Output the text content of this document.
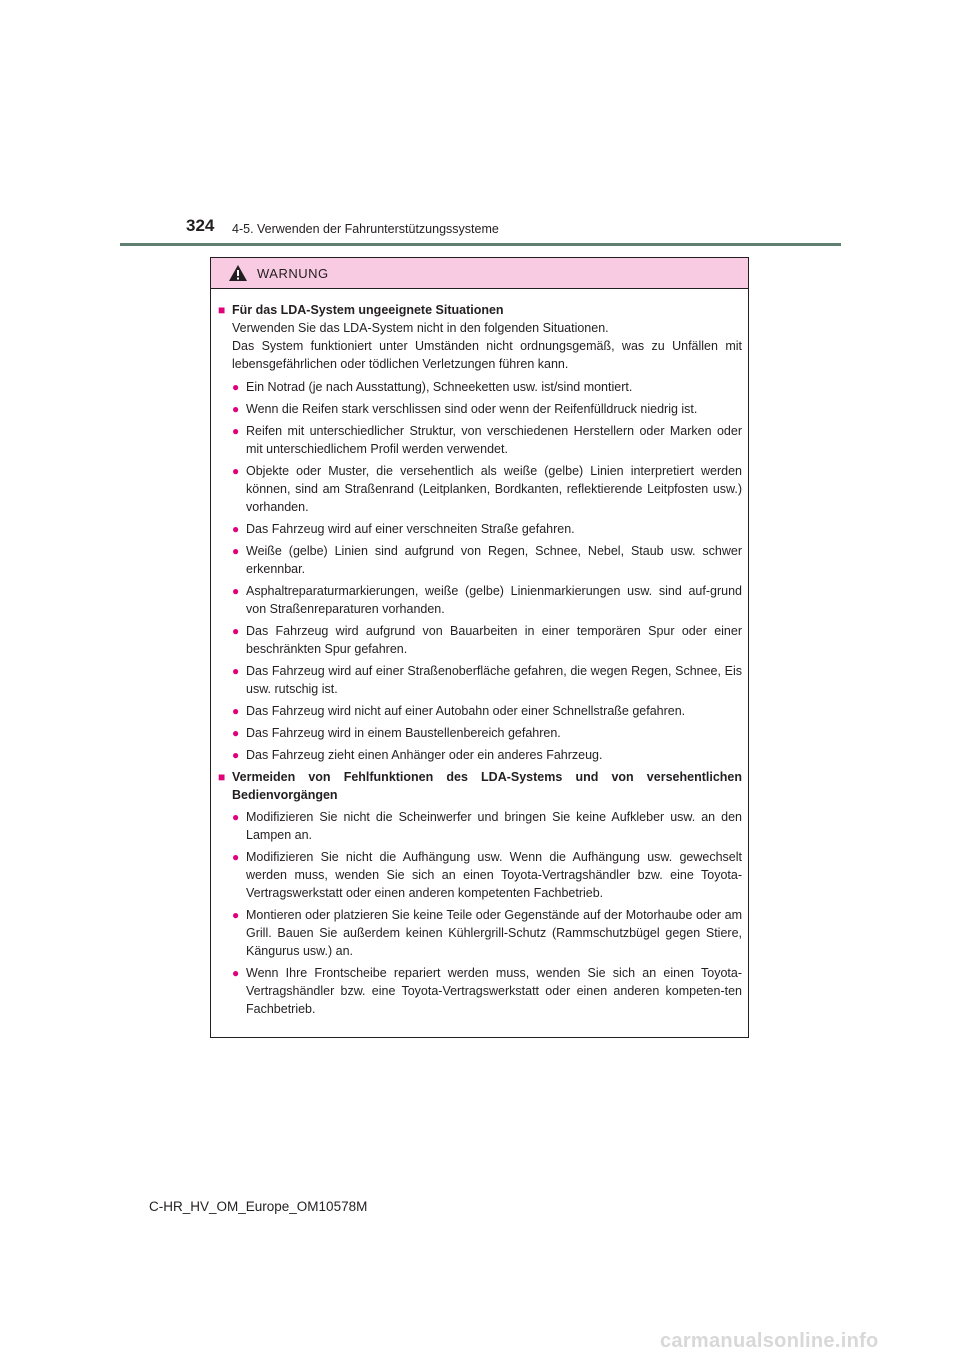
324 4-5. Verwenden der Fahrunterstützungssysteme
WARNUNG
■ Für das LDA-System ungeeignete Situationen
Verwenden Sie das LDA-System nicht in den folgenden Situationen.
Das System funktioniert unter Umständen nicht ordnungsgemäß, was zu Unfällen mit lebensgefährlichen oder tödlichen Verletzungen führen kann.
● Ein Notrad (je nach Ausstattung), Schneeketten usw. ist/sind montiert.
● Wenn die Reifen stark verschlissen sind oder wenn der Reifenfülldruck niedrig ist.
● Reifen mit unterschiedlicher Struktur, von verschiedenen Herstellern oder Marken oder mit unterschiedlichem Profil werden verwendet.
● Objekte oder Muster, die versehentlich als weiße (gelbe) Linien interpretiert werden können, sind am Straßenrand (Leitplanken, Bordkanten, reflektierende Leitpfosten usw.) vorhanden.
● Das Fahrzeug wird auf einer verschneiten Straße gefahren.
● Weiße (gelbe) Linien sind aufgrund von Regen, Schnee, Nebel, Staub usw. schwer erkennbar.
● Asphaltreparaturmarkierungen, weiße (gelbe) Linienmarkierungen usw. sind auf-grund von Straßenreparaturen vorhanden.
● Das Fahrzeug wird aufgrund von Bauarbeiten in einer temporären Spur oder einer beschränkten Spur gefahren.
● Das Fahrzeug wird auf einer Straßenoberfläche gefahren, die wegen Regen, Schnee, Eis usw. rutschig ist.
● Das Fahrzeug wird nicht auf einer Autobahn oder einer Schnellstraße gefahren.
● Das Fahrzeug wird in einem Baustellenbereich gefahren.
● Das Fahrzeug zieht einen Anhänger oder ein anderes Fahrzeug.
■ Vermeiden von Fehlfunktionen des LDA-Systems und von versehentlichen Bedienvorgängen
● Modifizieren Sie nicht die Scheinwerfer und bringen Sie keine Aufkleber usw. an den Lampen an.
● Modifizieren Sie nicht die Aufhängung usw. Wenn die Aufhängung usw. gewechselt werden muss, wenden Sie sich an einen Toyota-Vertragshändler bzw. eine Toyota-Vertragswerkstatt oder einen anderen kompetenten Fachbetrieb.
● Montieren oder platzieren Sie keine Teile oder Gegenstände auf der Motorhaube oder am Grill. Bauen Sie außerdem keinen Kühlergrill-Schutz (Rammschutzbügel gegen Stiere, Kängurus usw.) an.
● Wenn Ihre Frontscheibe repariert werden muss, wenden Sie sich an einen Toyota-Vertragshändler bzw. eine Toyota-Vertragswerkstatt oder einen anderen kompeten-ten Fachbetrieb.
C-HR_HV_OM_Europe_OM10578M
carmanualsonline.info
